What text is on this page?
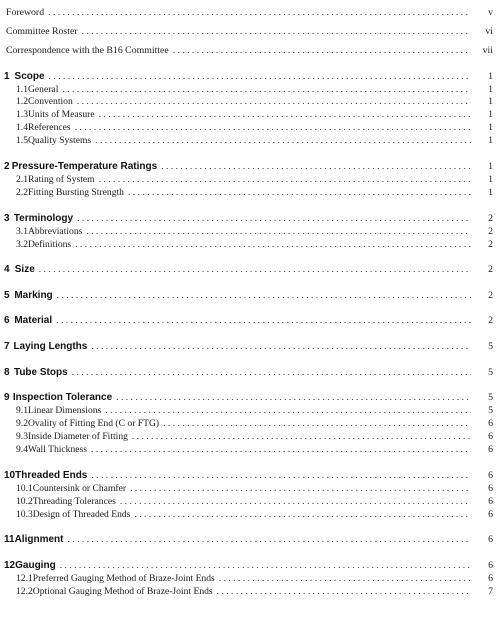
Foreword .....	v
Committee Roster .....	vi
Correspondence with the B16 Committee .....	vii
1 Scope .....	1
1.1 General .....	1
1.2 Convention .....	1
1.3 Units of Measure .....	1
1.4 References .....	1
1.5 Quality Systems .....	1
2 Pressure-Temperature Ratings .....	1
2.1 Rating of System .....	1
2.2 Fitting Bursting Strength .....	1
3 Terminology .....	2
3.1 Abbreviations .....	2
3.2 Definitions .....	2
4 Size .....	2
5 Marking .....	2
6 Material .....	2
7 Laying Lengths .....	5
8 Tube Stops .....	5
9 Inspection Tolerance .....	5
9.1 Linear Dimensions .....	5
9.2 Ovality of Fitting End (C or FTG) .....	6
9.3 Inside Diameter of Fitting .....	6
9.4 Wall Thickness .....	6
10 Threaded Ends .....	6
10.1 Countersink or Chamfer .....	6
10.2 Threading Tolerances .....	6
10.3 Design of Threaded Ends .....	6
11 Alignment .....	6
12 Gauging .....	6
12.1 Preferred Gauging Method of Braze-Joint Ends .....	6
12.2 Optional Gauging Method of Braze-Joint Ends .....	7
